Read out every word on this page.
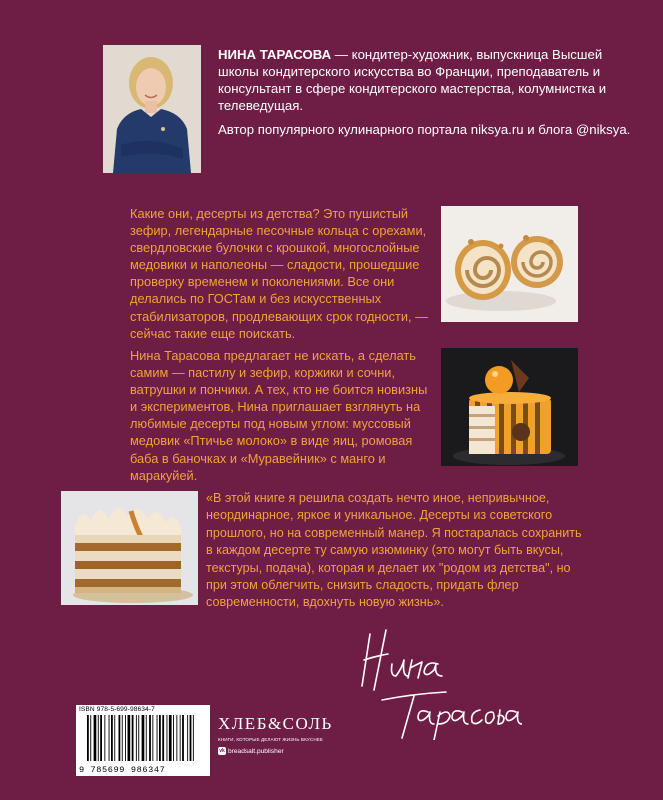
НИНА ТАРАСОВА — кондитер-художник, выпускница Высшей школы кондитерского искусства во Франции, преподаватель и консультант в сфере кондитерского мастерства, колумнистка и телеведущая.
Автор популярного кулинарного портала niksya.ru и блога @niksya.
Какие они, десерты из детства? Это пушистый зефир, легендарные песочные кольца с орехами, свердловские булочки с крошкой, многослойные медовики и наполеоны — сладости, прошедшие проверку временем и поколениями. Все они делались по ГОСТам и без искусственных стабилизаторов, продлевающих срок годности, — сейчас такие еще поискать.
Нина Тарасова предлагает не искать, а сделать самим — пастилу и зефир, коржики и сочни, ватрушки и пончики. А тех, кто не боится новизны и экспериментов, Нина приглашает взглянуть на любимые десерты под новым углом: муссовый медовик «Птичье молоко» в виде яиц, ромовая баба в баночках и «Муравейник» с манго и маракуйей.
«В этой книге я решила создать нечто иное, непривычное, неординарное, яркое и уникальное. Десерты из советского прошлого, но на современный манер. Я постаралась сохранить в каждом десерте ту самую изюминку (это могут быть вкусы, текстуры, подача), которая и делает их "родом из детства", но при этом облегчить, снизить сладость, придать флер современности, вдохнуть новую жизнь».
ISBN 978-5-699-98634-7
9 785699 986347
ХЛЕБ&СОЛЬ
КНИГИ, КОТОРЫЕ ДЕЛАЮТ ЖИЗНЬ ВКУСНЕЕ
vk breadsalt.publisher
